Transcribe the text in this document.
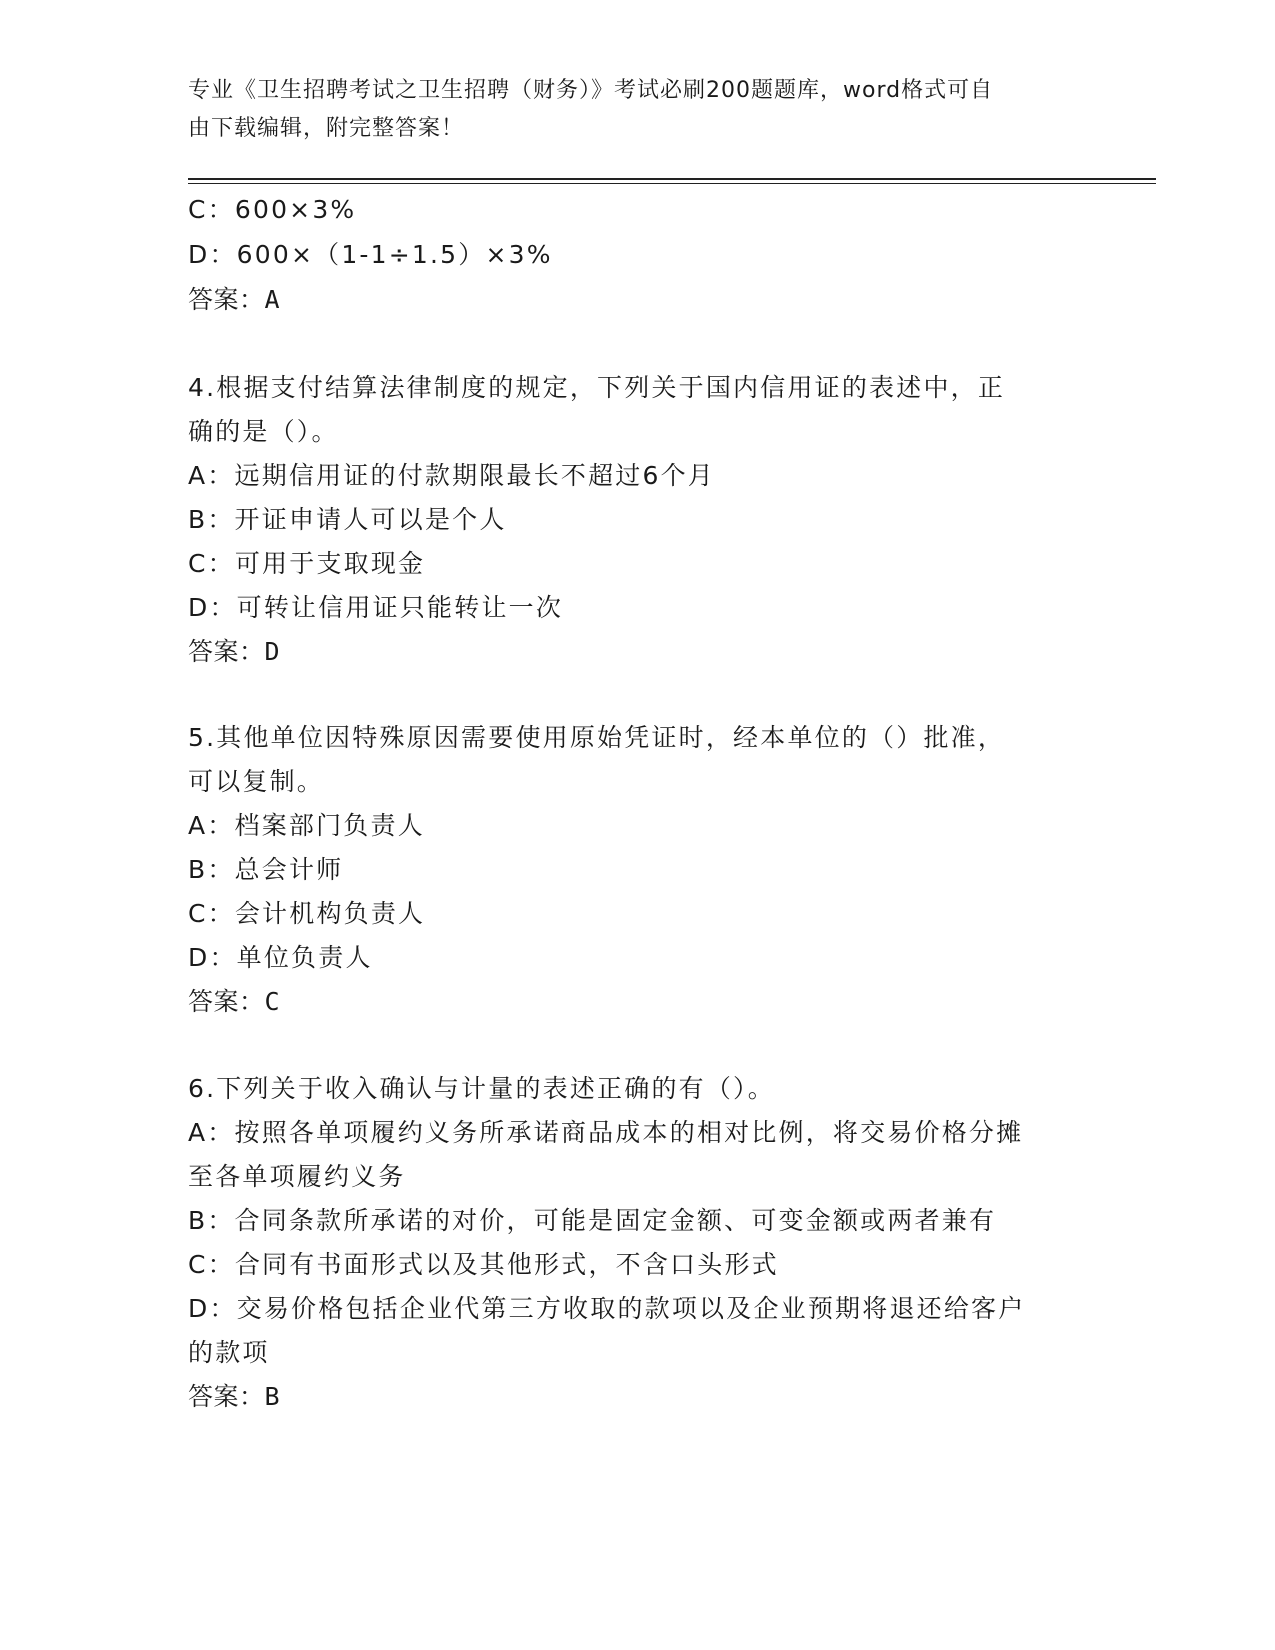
专业《卫生招聘考试之卫生招聘（财务）》考试必刷200题题库，word格式可自
由下载编辑，附完整答案！
C：600×3%
D：600×（1-1÷1.5）×3%
答案：A
4.根据支付结算法律制度的规定，下列关于国内信用证的表述中，正
确的是（）。
A：远期信用证的付款期限最长不超过6个月
B：开证申请人可以是个人
C：可用于支取现金
D：可转让信用证只能转让一次
答案：D
5.其他单位因特殊原因需要使用原始凭证时，经本单位的（）批准，
可以复制。
A：档案部门负责人
B：总会计师
C：会计机构负责人
D：单位负责人
答案：C
6.下列关于收入确认与计量的表述正确的有（）。
A：按照各单项履约义务所承诺商品成本的相对比例，将交易价格分摊
至各单项履约义务
B：合同条款所承诺的对价，可能是固定金额、可变金额或两者兼有
C：合同有书面形式以及其他形式，不含口头形式
D：交易价格包括企业代第三方收取的款项以及企业预期将退还给客户
的款项
答案：B
